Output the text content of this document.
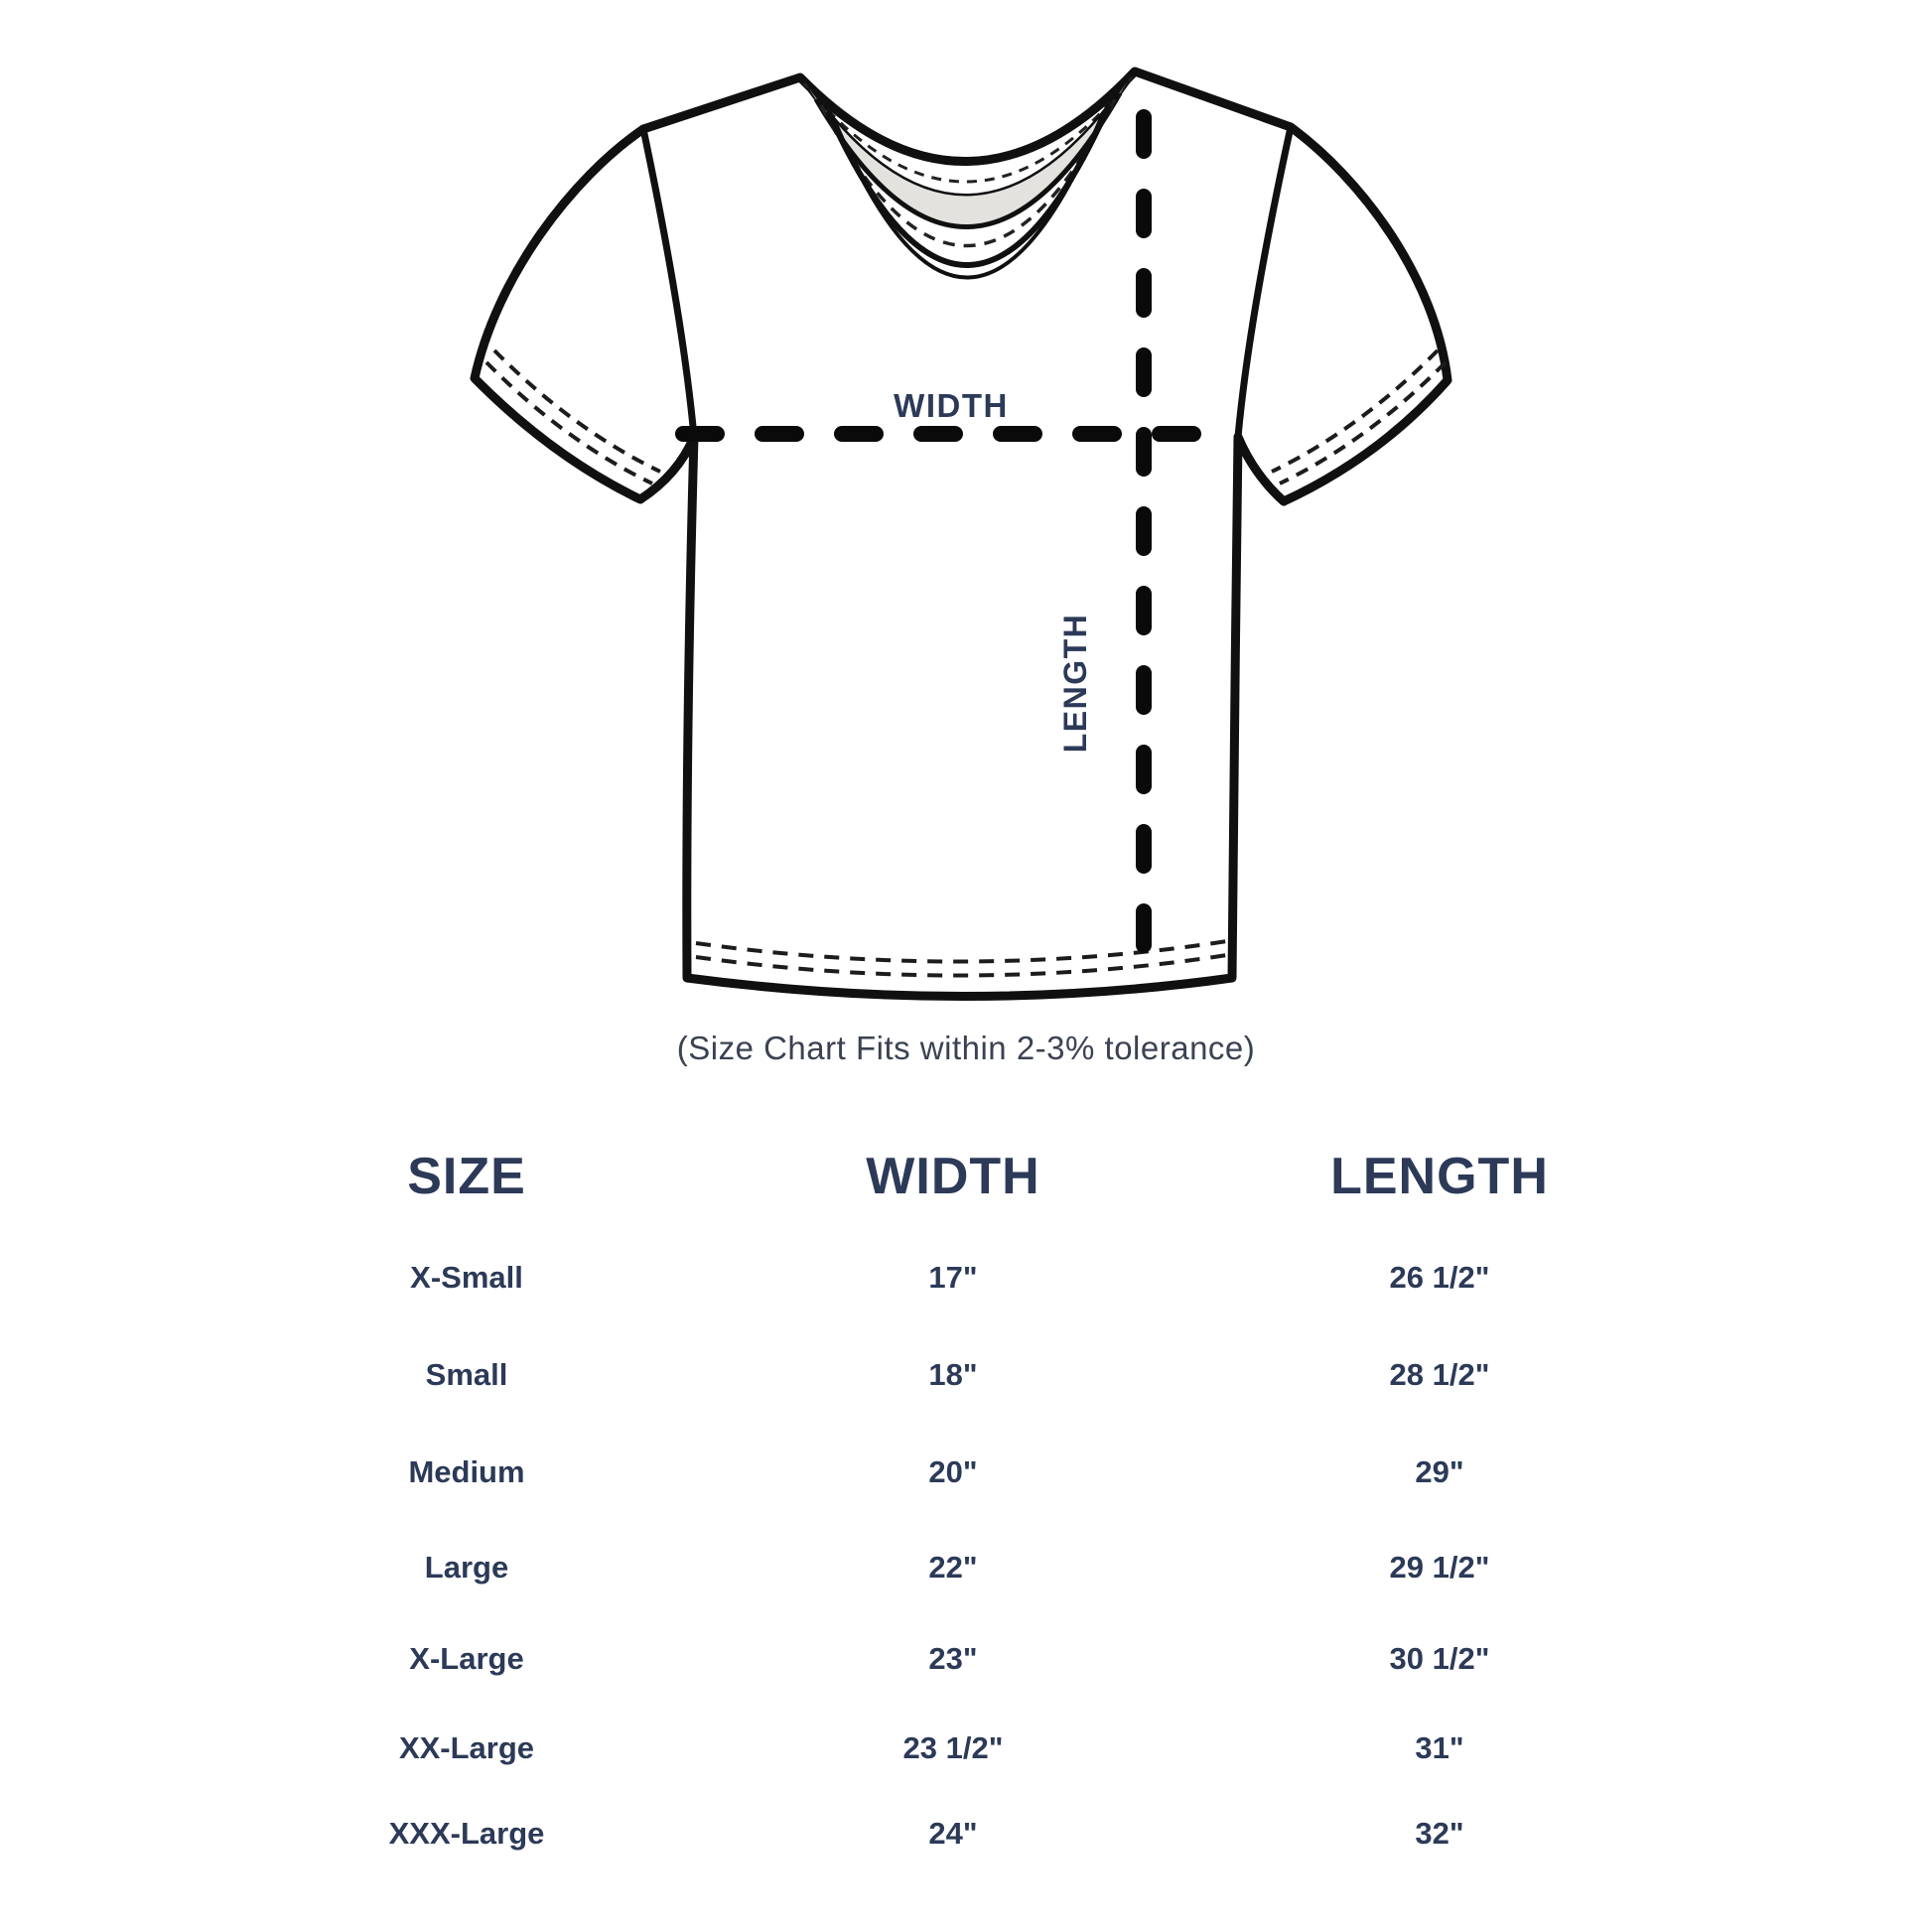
WIDTH
LENGTH
(Size Chart Fits within 2-3% tolerance)
SIZE	WIDTH	LENGTH
X-Small	17"	26 1/2"
Small	18"	28 1/2"
Medium	20"	29"
Large	22"	29 1/2"
X-Large	23"	30 1/2"
XX-Large	23 1/2"	31"
XXX-Large	24"	32"
